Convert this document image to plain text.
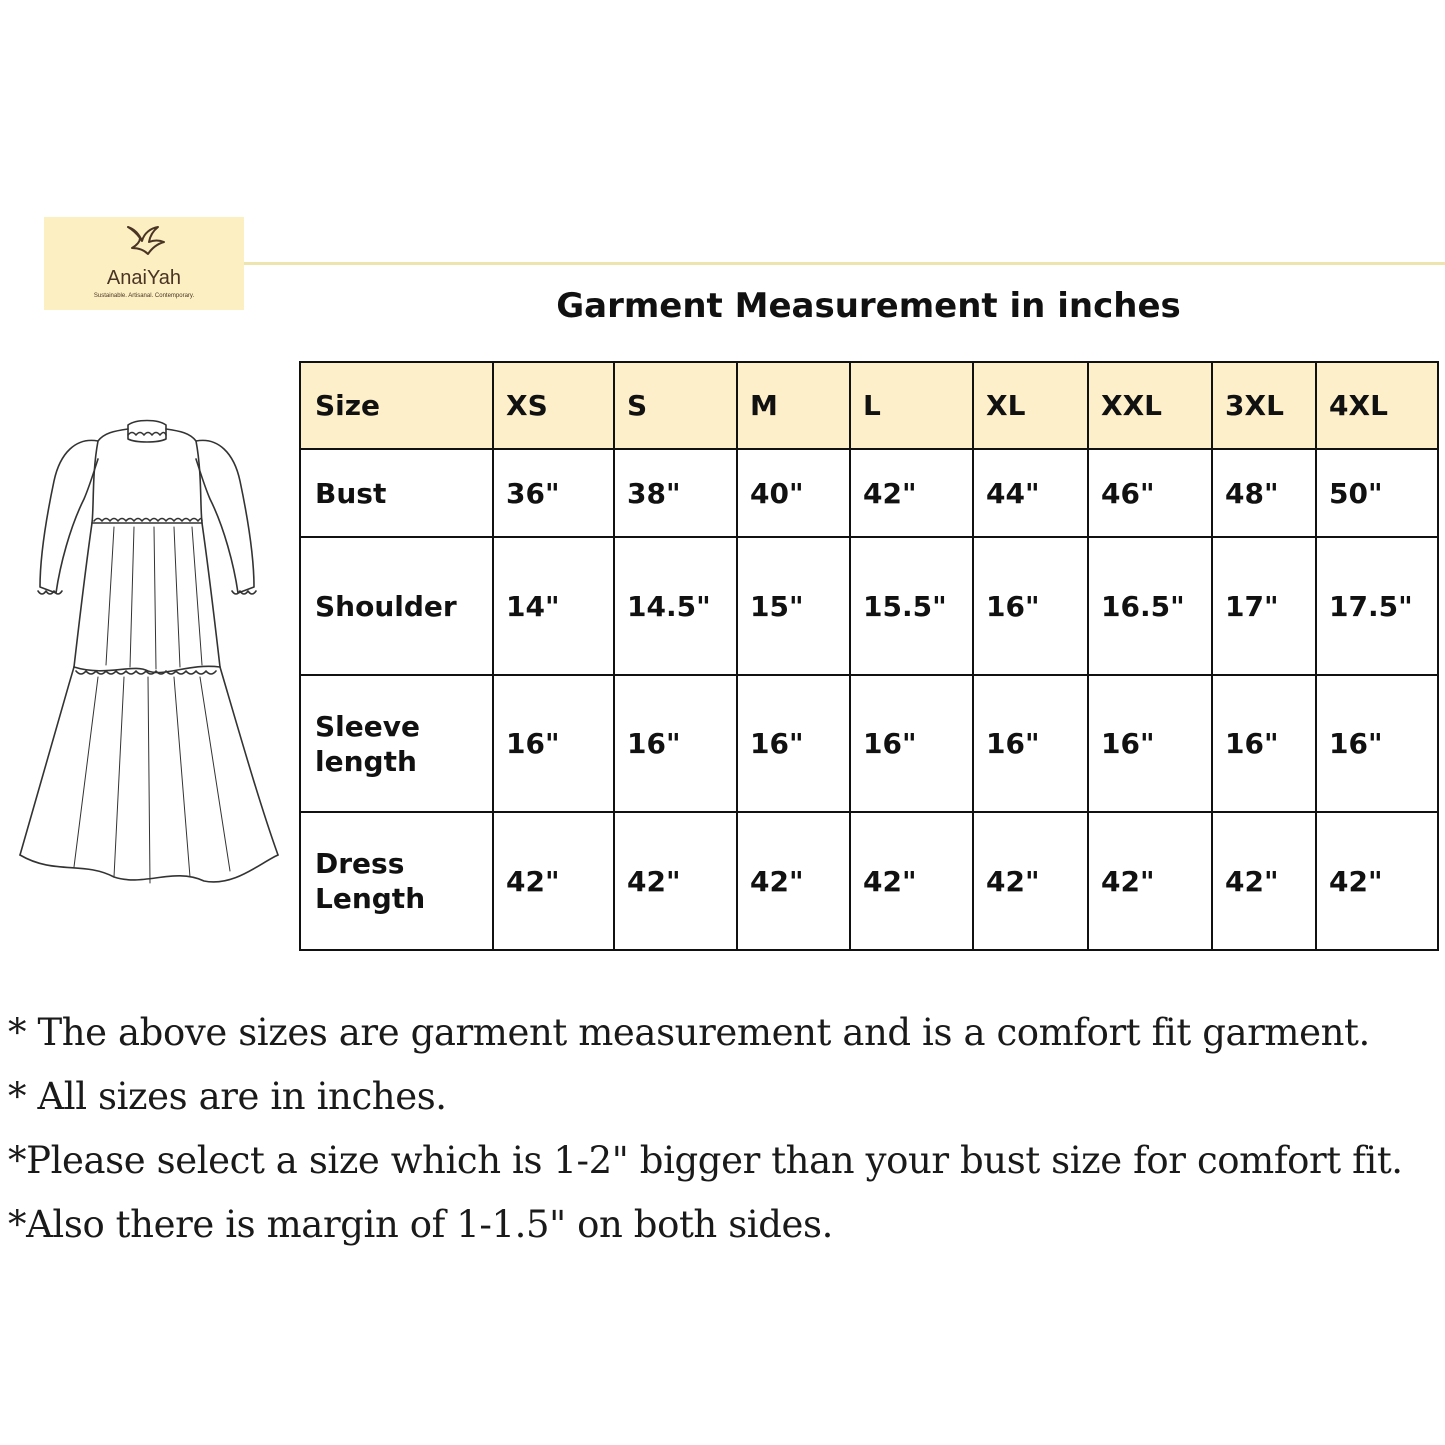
AnaiYah
Sustainable. Artisanal. Contemporary.	Garment Measurement in inches
Size	XS	S	M	L	XL	XXL	3XL	4XL
Bust	36"	38"	40"	42"	44"	46"	48"	50"
Shoulder	14"	14.5"	15"	15.5"	16"	16.5"	17"	17.5"

Sleeve
length	16"	16"	16"	16"	16"	16"	16"	16"

Dress
Length	42"	42"	42"	42"	42"	42"	42"	42"
* The above sizes are garment measurement and is a comfort fit garment.
* All sizes are in inches.
*Please select a size which is 1-2" bigger than your bust size for comfort fit.
*Also there is margin of 1-1.5" on both sides.
